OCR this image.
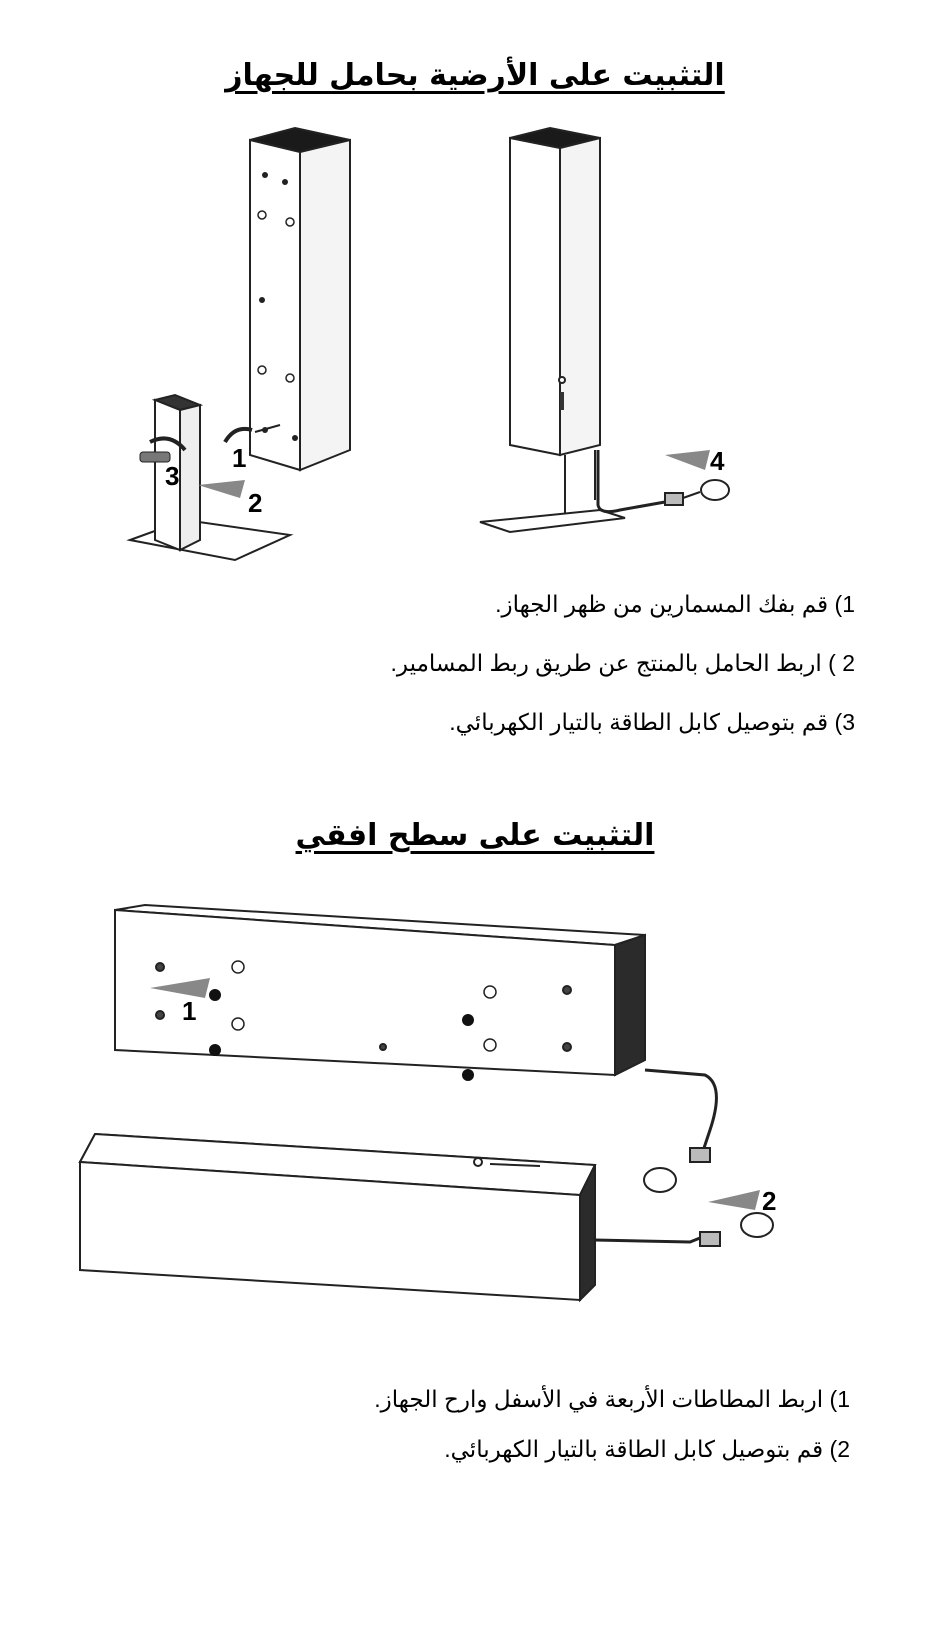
التثبيت على الأرضية بحامل للجهاز
3
1
2
4
1) قم بفك المسمارين من ظهر الجهاز.
2 ) اربط الحامل بالمنتج عن طريق ربط المسامير.
3) قم بتوصيل كابل الطاقة بالتيار الكهربائي.
التثبيت على سطح افقي
1
2
1) اربط المطاطات الأربعة في الأسفل وارح الجهاز.
2) قم بتوصيل كابل الطاقة بالتيار الكهربائي.
